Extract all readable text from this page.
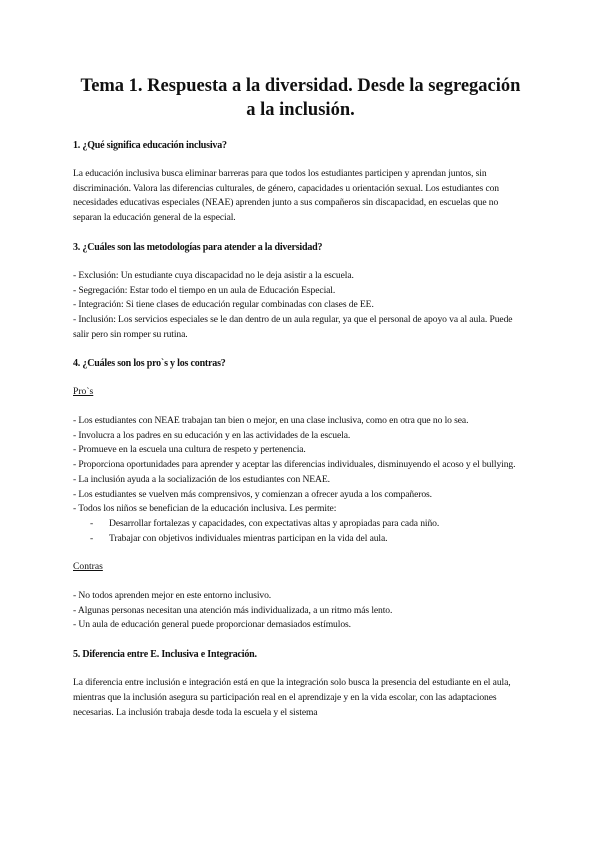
Tema 1. Respuesta a la diversidad. Desde la segregación a la inclusión.
1. ¿Qué significa educación inclusiva?

La educación inclusiva busca eliminar barreras para que todos los estudiantes participen y aprendan juntos, sin discriminación. Valora las diferencias culturales, de género, capacidades u orientación sexual. Los estudiantes con necesidades educativas especiales (NEAE) aprenden junto a sus compañeros sin discapacidad, en escuelas que no separan la educación general de la especial.

3. ¿Cuáles son las metodologías para atender a la diversidad?
- Exclusión: Un estudiante cuya discapacidad no le deja asistir a la escuela.
- Segregación: Estar todo el tiempo en un aula de Educación Especial.
- Integración: Si tiene clases de educación regular combinadas con clases de EE.
- Inclusión: Los servicios especiales se le dan dentro de un aula regular, ya que el personal de apoyo va al aula. Puede salir pero sin romper su rutina.
4. ¿Cuáles son los pro`s y los contras?
Pro`s
- Los estudiantes con NEAE trabajan tan bien o mejor, en una clase inclusiva, como en otra que no lo sea.
- Involucra a los padres en su educación y en las actividades de la escuela.
- Promueve en la escuela una cultura de respeto y pertenencia.
- Proporciona oportunidades para aprender y aceptar las diferencias individuales, disminuyendo el acoso y el bullying.
- La inclusión ayuda a la socialización de los estudiantes con NEAE.
- Los estudiantes se vuelven más comprensivos, y comienzan a ofrecer ayuda a los compañeros.
- Todos los niños se benefician de la educación inclusiva. Les permite:
- Desarrollar fortalezas y capacidades, con expectativas altas y apropiadas para cada niño.
- Trabajar con objetivos individuales mientras participan en la vida del aula.
Contras
- No todos aprenden mejor en este entorno inclusivo.
- Algunas personas necesitan una atención más individualizada, a un ritmo más lento.
- Un aula de educación general puede proporcionar demasiados estímulos.
5. Diferencia entre E. Inclusiva e Integración.

La diferencia entre inclusión e integración está en que la integración solo busca la presencia del estudiante en el aula, mientras que la inclusión asegura su participación real en el aprendizaje y en la vida escolar, con las adaptaciones necesarias. La inclusión trabaja desde toda la escuela y el sistema
